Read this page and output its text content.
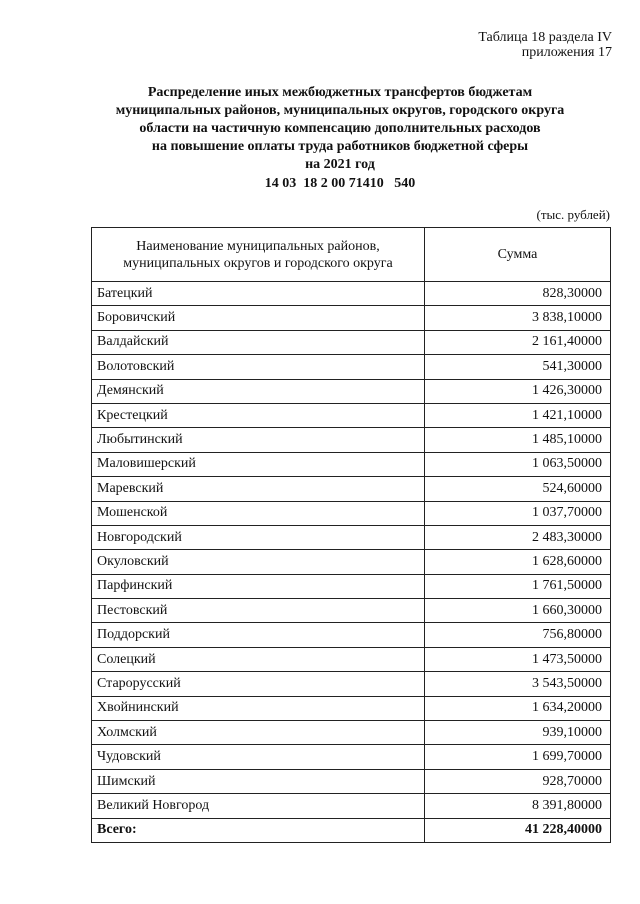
Таблица 18 раздела IV
приложения 17
Распределение иных межбюджетных трансфертов бюджетам
муниципальных районов, муниципальных округов, городского округа
области на частичную компенсацию дополнительных расходов
на повышение оплаты труда работников бюджетной сферы
на 2021 год
14 03  18 2 00 71410   540
(тыс. рублей)
Наименование муниципальных районов,
муниципальных округов и городского округа	Сумма
Батецкий	828,30000
Боровичский	3 838,10000
Валдайский	2 161,40000
Волотовский	541,30000
Демянский	1 426,30000
Крестецкий	1 421,10000
Любытинский	1 485,10000
Маловишерский	1 063,50000
Маревский	524,60000
Мошенской	1 037,70000
Новгородский	2 483,30000
Окуловский	1 628,60000
Парфинский	1 761,50000
Пестовский	1 660,30000
Поддорский	756,80000
Солецкий	1 473,50000
Старорусский	3 543,50000
Хвойнинский	1 634,20000
Холмский	939,10000
Чудовский	1 699,70000
Шимский	928,70000
Великий Новгород	8 391,80000
Всего:	41 228,40000
